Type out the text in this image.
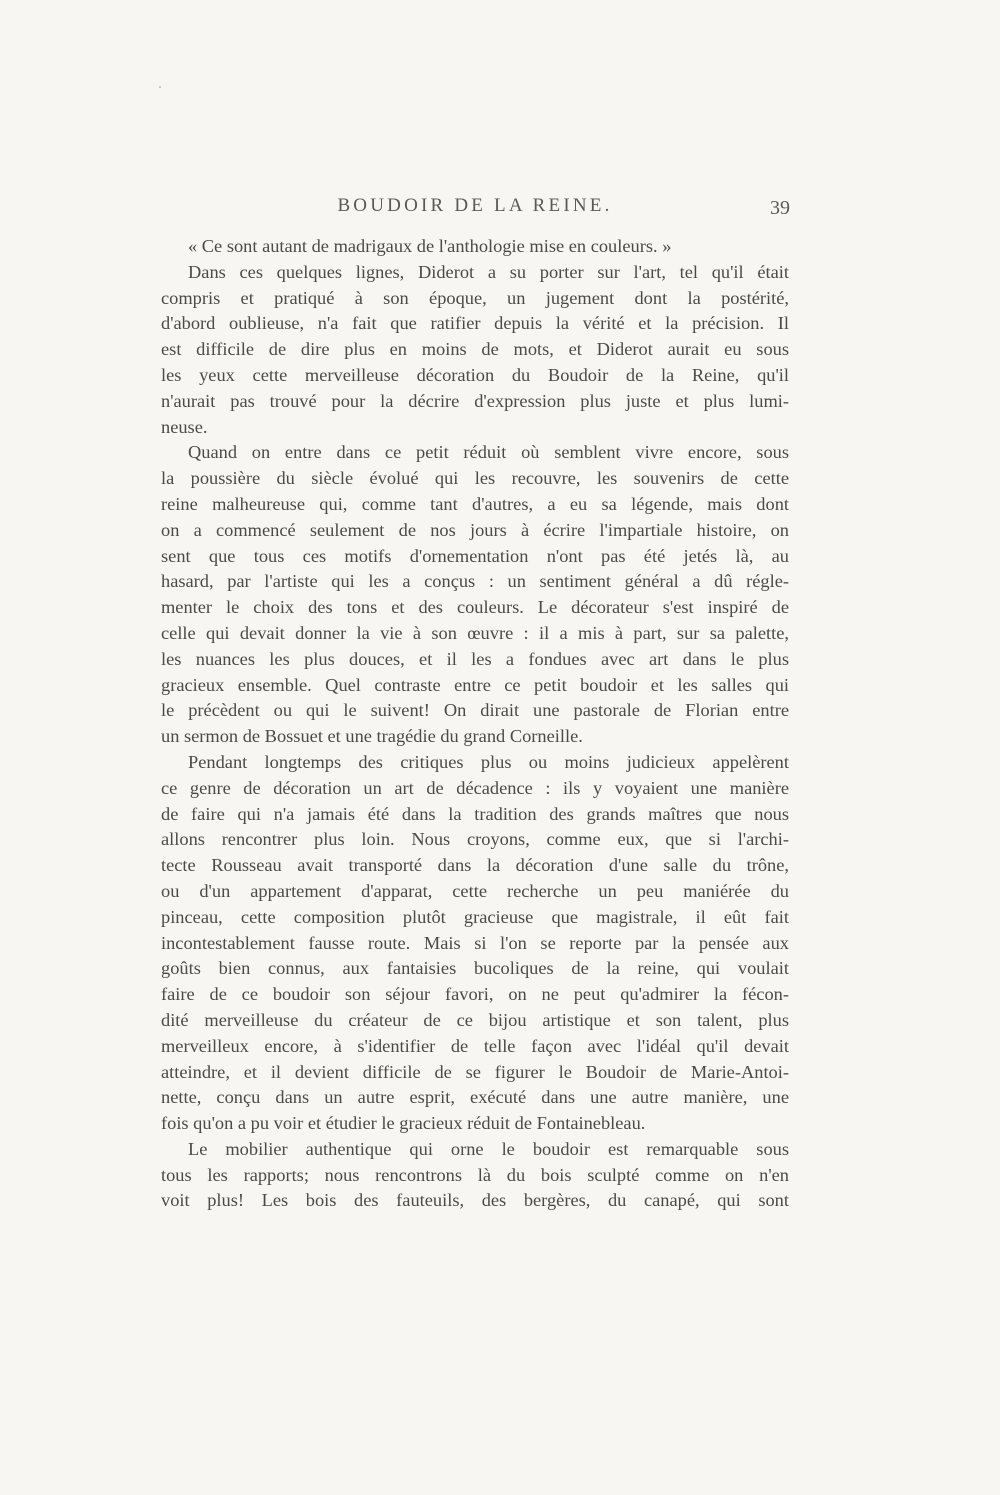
BOUDOIR DE LA REINE.	39
« Ce sont autant de madrigaux de l'anthologie mise en couleurs. »
Dans ces quelques lignes, Diderot a su porter sur l'art, tel qu'il était
compris et pratiqué à son époque, un jugement dont la postérité,
d'abord oublieuse, n'a fait que ratifier depuis la vérité et la précision. Il
est difficile de dire plus en moins de mots, et Diderot aurait eu sous
les yeux cette merveilleuse décoration du Boudoir de la Reine, qu'il
n'aurait pas trouvé pour la décrire d'expression plus juste et plus lumi-
neuse.
Quand on entre dans ce petit réduit où semblent vivre encore, sous
la poussière du siècle évolué qui les recouvre, les souvenirs de cette
reine malheureuse qui, comme tant d'autres, a eu sa légende, mais dont
on a commencé seulement de nos jours à écrire l'impartiale histoire, on
sent que tous ces motifs d'ornementation n'ont pas été jetés là, au
hasard, par l'artiste qui les a conçus : un sentiment général a dû régle-
menter le choix des tons et des couleurs. Le décorateur s'est inspiré de
celle qui devait donner la vie à son œuvre : il a mis à part, sur sa palette,
les nuances les plus douces, et il les a fondues avec art dans le plus
gracieux ensemble. Quel contraste entre ce petit boudoir et les salles qui
le précèdent ou qui le suivent! On dirait une pastorale de Florian entre
un sermon de Bossuet et une tragédie du grand Corneille.
Pendant longtemps des critiques plus ou moins judicieux appelèrent
ce genre de décoration un art de décadence : ils y voyaient une manière
de faire qui n'a jamais été dans la tradition des grands maîtres que nous
allons rencontrer plus loin. Nous croyons, comme eux, que si l'archi-
tecte Rousseau avait transporté dans la décoration d'une salle du trône,
ou d'un appartement d'apparat, cette recherche un peu maniérée du
pinceau, cette composition plutôt gracieuse que magistrale, il eût fait
incontestablement fausse route. Mais si l'on se reporte par la pensée aux
goûts bien connus, aux fantaisies bucoliques de la reine, qui voulait
faire de ce boudoir son séjour favori, on ne peut qu'admirer la fécon-
dité merveilleuse du créateur de ce bijou artistique et son talent, plus
merveilleux encore, à s'identifier de telle façon avec l'idéal qu'il devait
atteindre, et il devient difficile de se figurer le Boudoir de Marie-Antoi-
nette, conçu dans un autre esprit, exécuté dans une autre manière, une
fois qu'on a pu voir et étudier le gracieux réduit de Fontainebleau.
Le mobilier authentique qui orne le boudoir est remarquable sous
tous les rapports; nous rencontrons là du bois sculpté comme on n'en
voit plus! Les bois des fauteuils, des bergères, du canapé, qui sont
